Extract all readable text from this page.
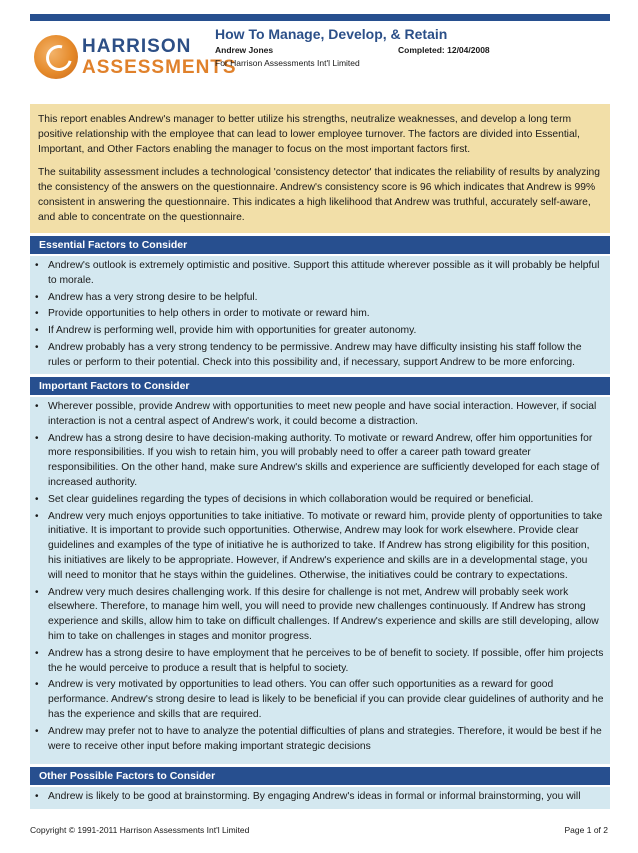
HARRISON
ASSESSMENTS
How To Manage, Develop, & Retain
Andrew Jones	Completed: 12/04/2008
For Harrison Assessments Int'l Limited

This report enables Andrew's manager to better utilize his strengths, neutralize weaknesses, and develop a long term positive relationship with the employee that can lead to lower employee turnover. The factors are divided into Essential, Important, and Other Factors enabling the manager to focus on the most important factors first.

The suitability assessment includes a technological 'consistency detector' that indicates the reliability of results by analyzing the consistency of the answers on the questionnaire. Andrew's consistency score is 96 which indicates that Andrew is 99% consistent in answering the questionnaire. This indicates a high likelihood that Andrew was truthful, accurately self-aware, and able to concentrate on the questionnaire.

Essential Factors to Consider
• Andrew's outlook is extremely optimistic and positive. Support this attitude wherever possible as it will probably be helpful to morale.
• Andrew has a very strong desire to be helpful.
• Provide opportunities to help others in order to motivate or reward him.
• If Andrew is performing well, provide him with opportunities for greater autonomy.
• Andrew probably has a very strong tendency to be permissive. Andrew may have difficulty insisting his staff follow the rules or perform to their potential. Check into this possibility and, if necessary, support Andrew to be more enforcing.
Important Factors to Consider
• Wherever possible, provide Andrew with opportunities to meet new people and have social interaction. However, if social interaction is not a central aspect of Andrew's work, it could become a distraction.
• Andrew has a strong desire to have decision-making authority. To motivate or reward Andrew, offer him opportunities for more responsibilities. If you wish to retain him, you will probably need to offer a career path toward greater responsibilities. On the other hand, make sure Andrew's skills and experience are sufficiently developed for each stage of increased authority.
• Set clear guidelines regarding the types of decisions in which collaboration would be required or beneficial.
• Andrew very much enjoys opportunities to take initiative. To motivate or reward him, provide plenty of opportunities to take initiative. It is important to provide such opportunities. Otherwise, Andrew may look for work elsewhere. Provide clear guidelines and examples of the type of initiative he is authorized to take. If Andrew has strong eligibility for this position, his initiatives are likely to be appropriate. However, if Andrew's experience and skills are in a developmental stage, you will need to monitor that he stays within the guidelines. Otherwise, the initiatives could be contrary to expectations.
• Andrew very much desires challenging work. If this desire for challenge is not met, Andrew will probably seek work elsewhere. Therefore, to manage him well, you will need to provide new challenges continuously. If Andrew has strong experience and skills, allow him to take on difficult challenges. If Andrew's experience and skills are still developing, allow him to take on challenges in stages and monitor progress.
• Andrew has a strong desire to have employment that he perceives to be of benefit to society. If possible, offer him projects the he would perceive to produce a result that is helpful to society.
• Andrew is very motivated by opportunities to lead others. You can offer such opportunities as a reward for good performance. Andrew's strong desire to lead is likely to be beneficial if you can provide clear guidelines of authority and he has the experience and skills that are required.
• Andrew may prefer not to have to analyze the potential difficulties of plans and strategies. Therefore, it would be best if he were to receive other input before making important strategic decisions
Other Possible Factors to Consider
• Andrew is likely to be good at brainstorming. By engaging Andrew's ideas in formal or informal brainstorming, you will
Copyright © 1991-2011 Harrison Assessments Int'l Limited	Page 1 of 2
